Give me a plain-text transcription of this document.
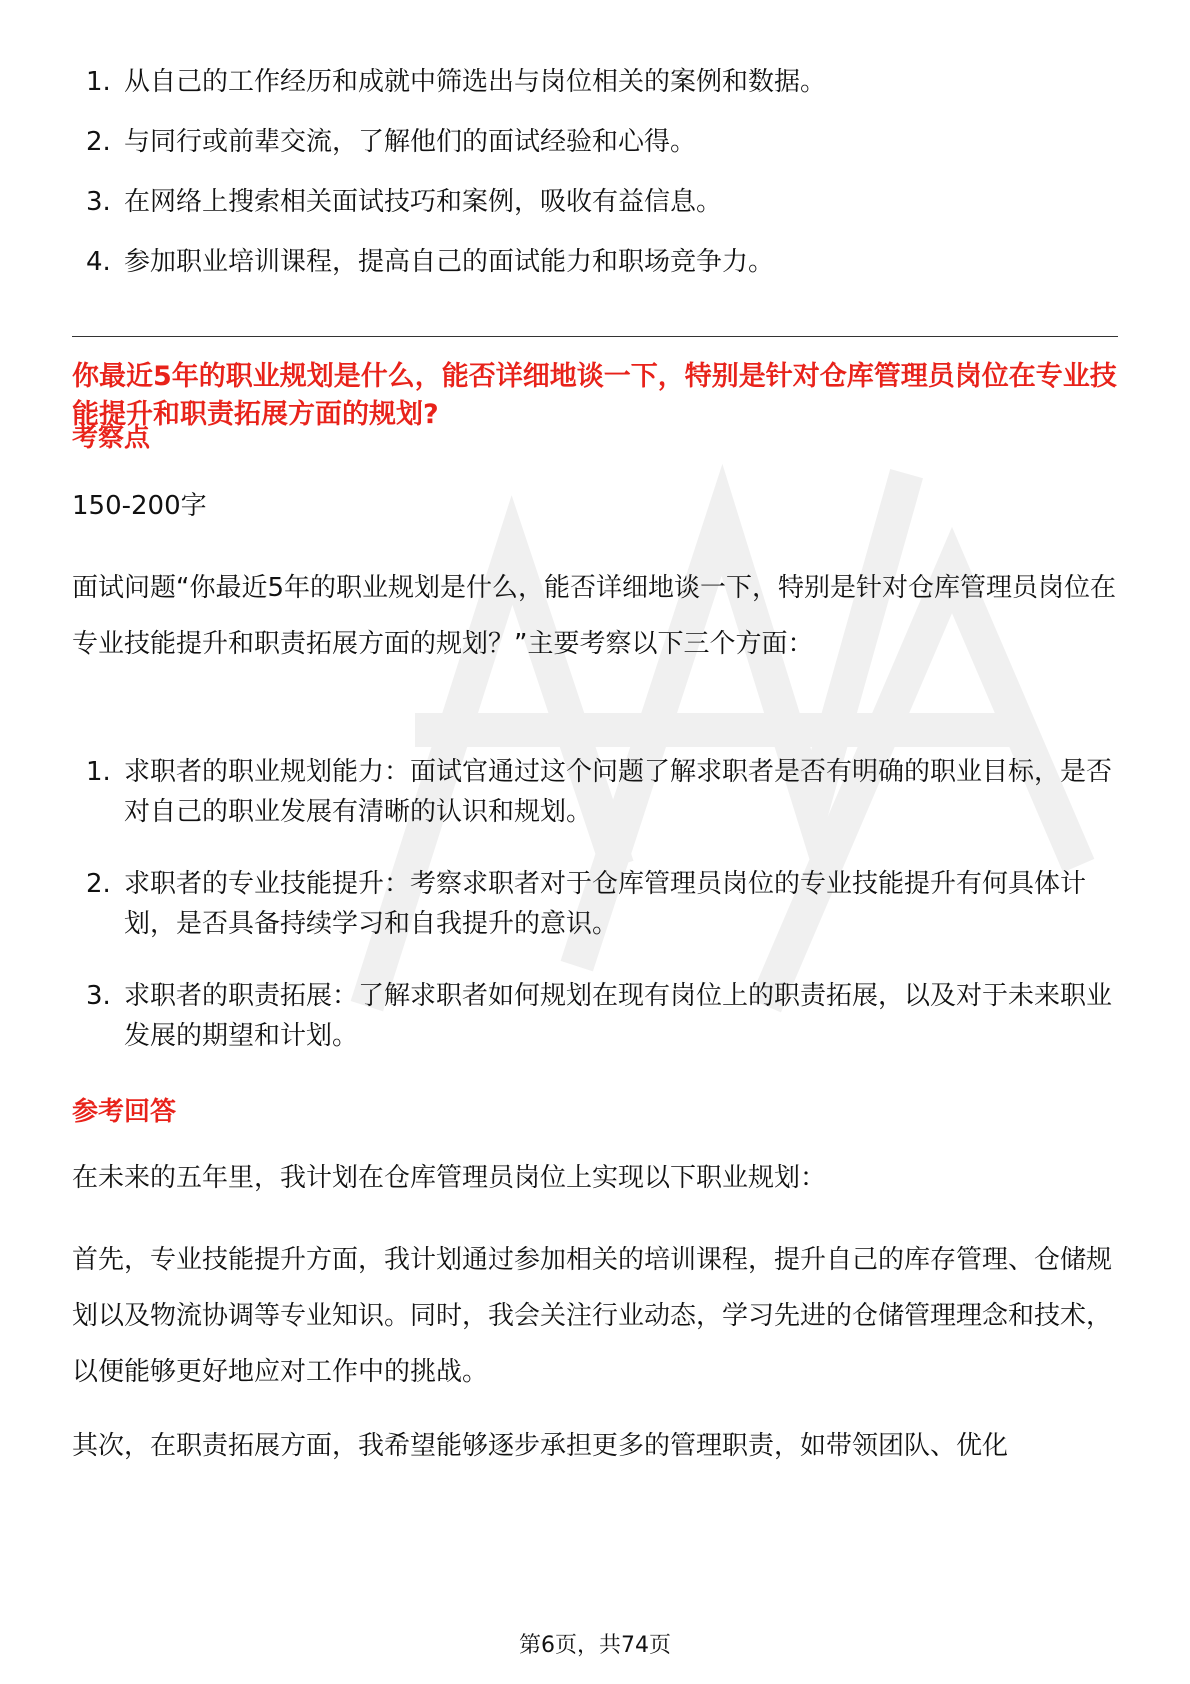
1. 从自己的工作经历和成就中筛选出与岗位相关的案例和数据。
2. 与同行或前辈交流，了解他们的面试经验和心得。
3. 在网络上搜索相关面试技巧和案例，吸收有益信息。
4. 参加职业培训课程，提高自己的面试能力和职场竞争力。
你最近5年的职业规划是什么，能否详细地谈一下，特别是针对仓库管理员岗位在专业技能提升和职责拓展方面的规划?
考察点
150-200字
面试问题“你最近5年的职业规划是什么，能否详细地谈一下，特别是针对仓库管理员岗位在专业技能提升和职责拓展方面的规划？”主要考察以下三个方面：
1. 求职者的职业规划能力：面试官通过这个问题了解求职者是否有明确的职业目标，是否对自己的职业发展有清晰的认识和规划。
2. 求职者的专业技能提升：考察求职者对于仓库管理员岗位的专业技能提升有何具体计划，是否具备持续学习和自我提升的意识。
3. 求职者的职责拓展：了解求职者如何规划在现有岗位上的职责拓展，以及对于未来职业发展的期望和计划。
参考回答
在未来的五年里，我计划在仓库管理员岗位上实现以下职业规划：
首先，专业技能提升方面，我计划通过参加相关的培训课程，提升自己的库存管理、仓储规划以及物流协调等专业知识。同时，我会关注行业动态，学习先进的仓储管理理念和技术，以便能够更好地应对工作中的挑战。
其次，在职责拓展方面，我希望能够逐步承担更多的管理职责，如带领团队、优化
第6页，共74页
